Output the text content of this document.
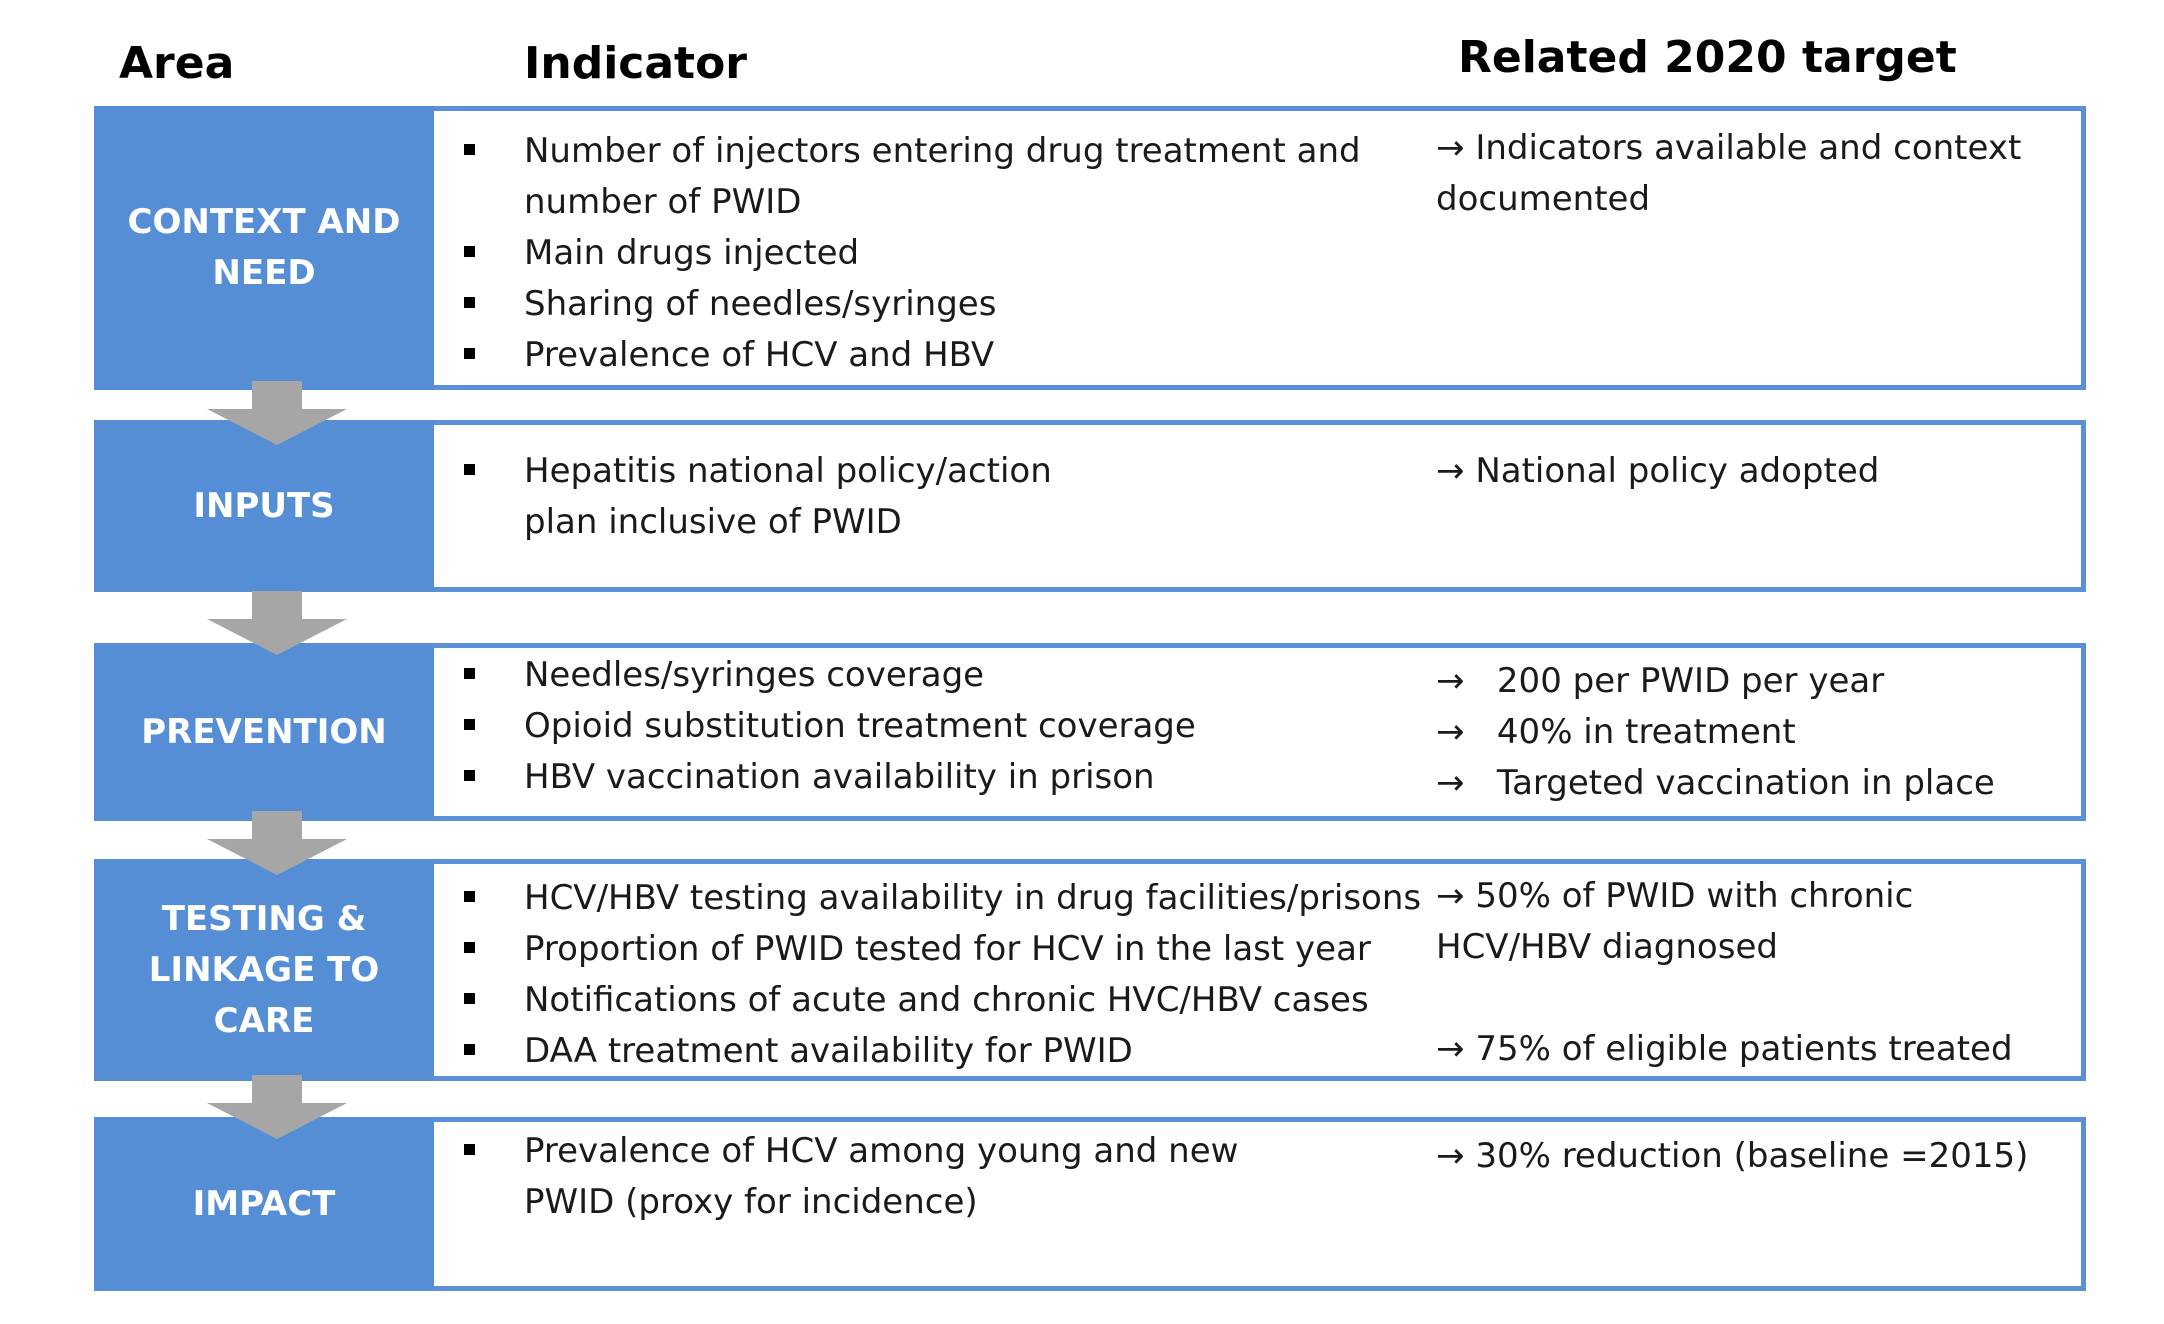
Area	Indicator	Related 2020 target
CONTEXT AND
NEED
Number of injectors entering drug treatment and
number of PWID
Main drugs injected
Sharing of needles/syringes
Prevalence of HCV and HBV
→ Indicators available and context
documented
INPUTS
Hepatitis national policy/action
plan inclusive of PWID
→ National policy adopted
PREVENTION
Needles/syringes coverage
Opioid substitution treatment coverage
HBV vaccination availability in prison
→   200 per PWID per year
→   40% in treatment
→   Targeted vaccination in place
TESTING &
LINKAGE TO
CARE
HCV/HBV testing availability in drug facilities/prisons
Proportion of PWID tested for HCV in the last year
Notifications of acute and chronic HVC/HBV cases
DAA treatment availability for PWID
→ 50% of PWID with chronic
HCV/HBV diagnosed

→ 75% of eligible patients treated
IMPACT
Prevalence of HCV among young and new
PWID (proxy for incidence)
→ 30% reduction (baseline =2015)
